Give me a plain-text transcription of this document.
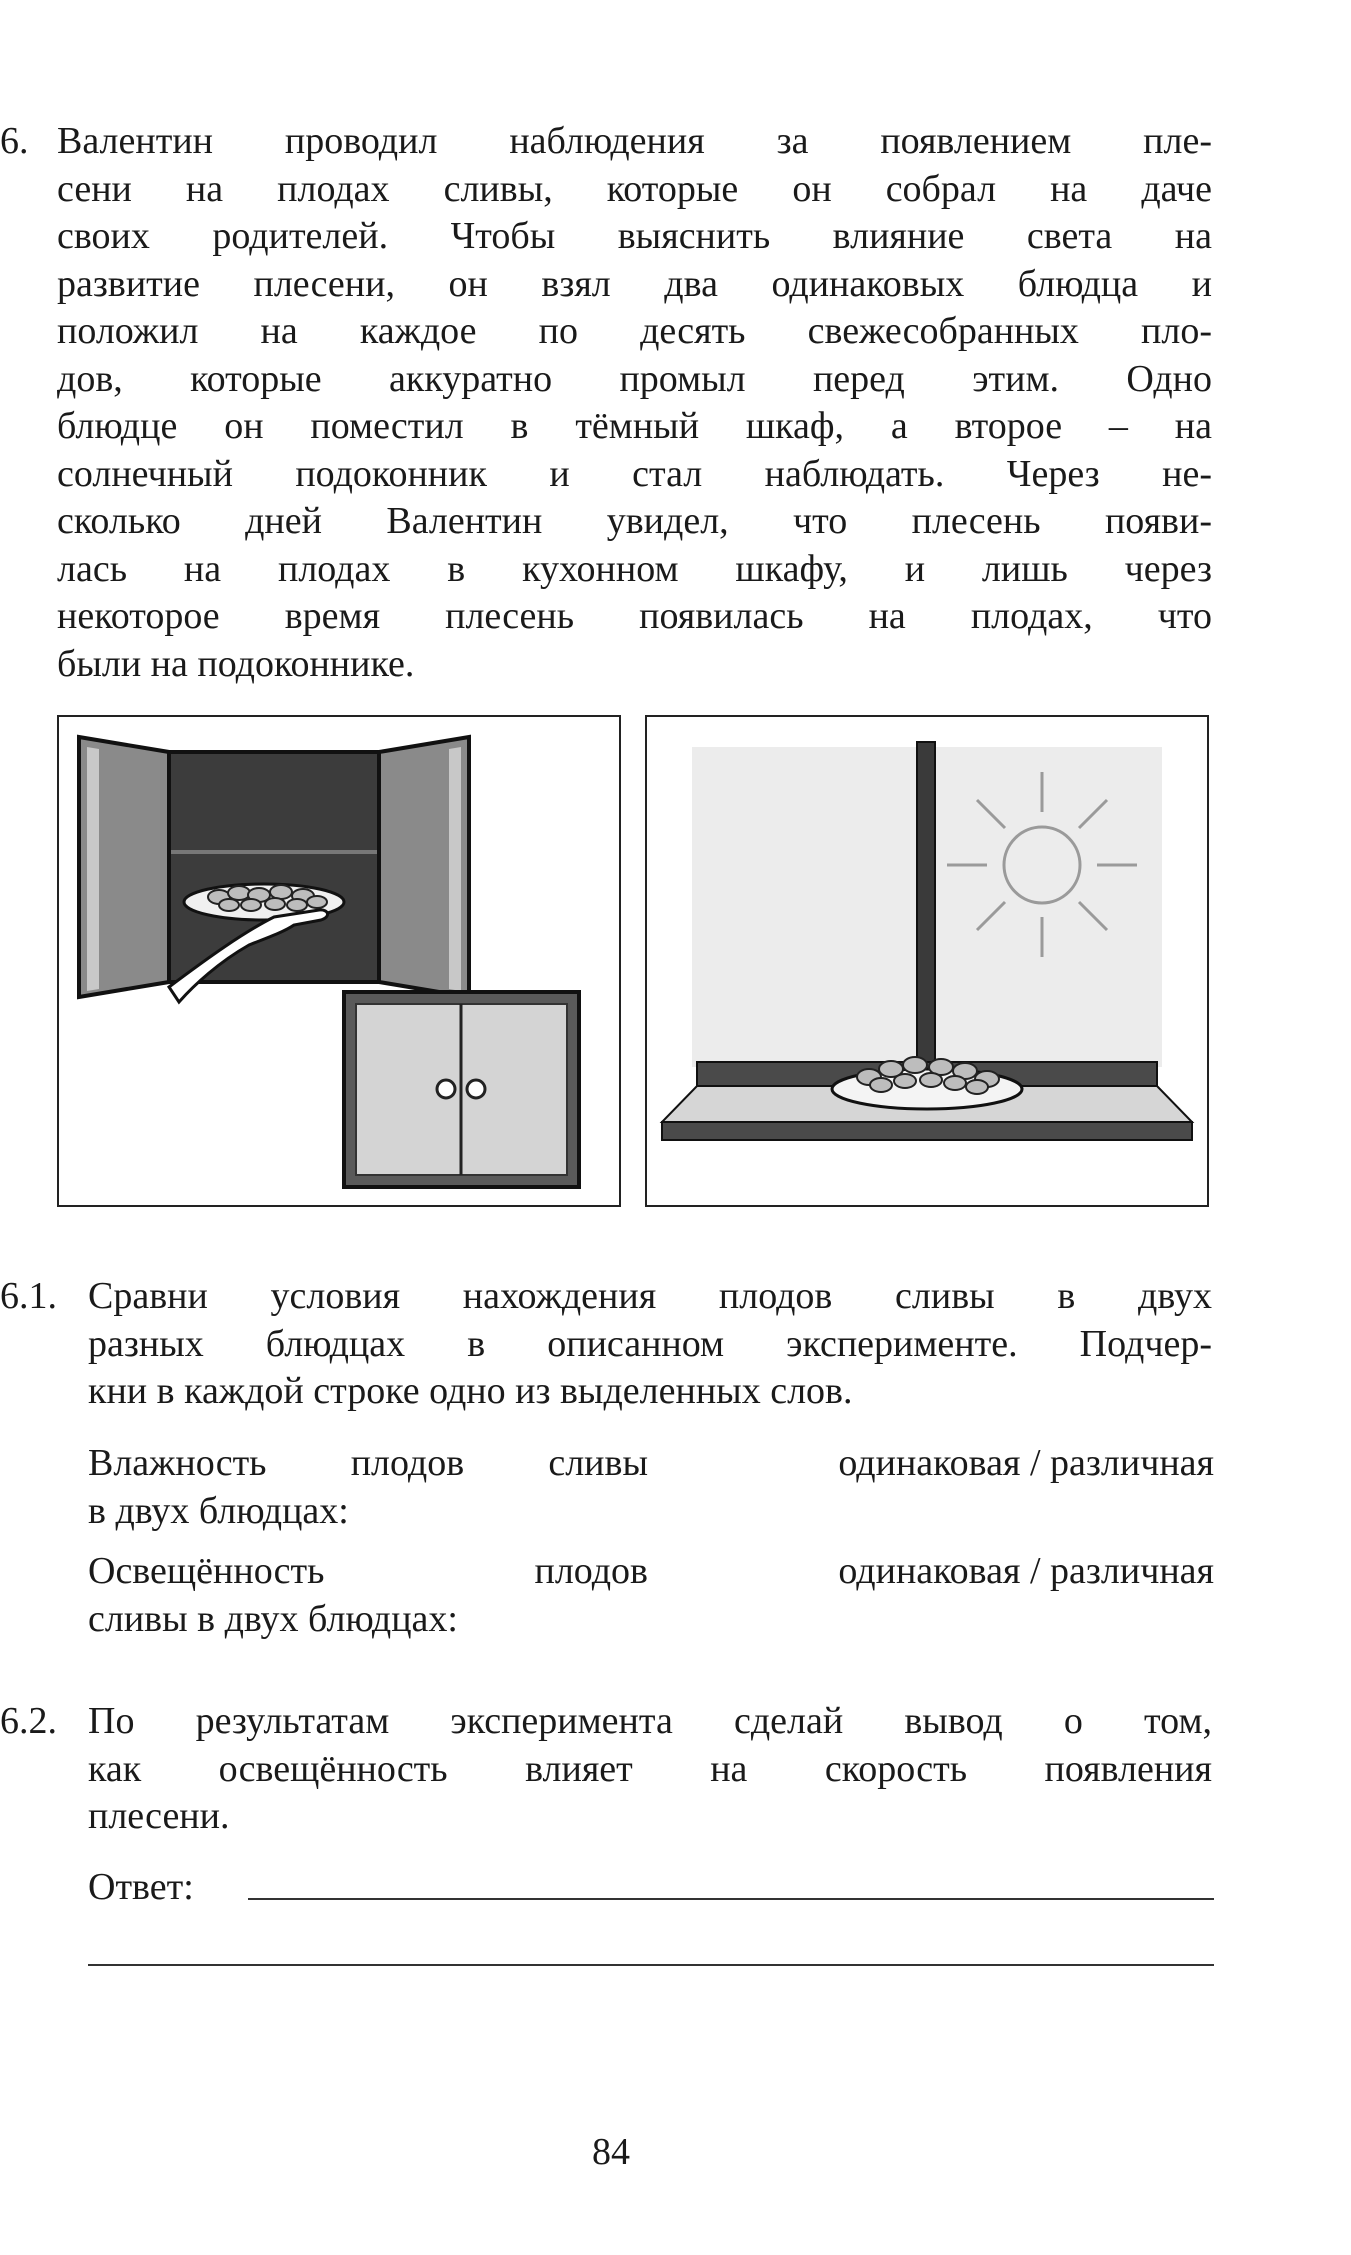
6. Валентин проводил наблюдения за появлением пле-
сени на плодах сливы, которые он собрал на даче
своих родителей. Чтобы выяснить влияние света на
развитие плесени, он взял два одинаковых блюдца и
положил на каждое по десять свежесобранных пло-
дов, которые аккуратно промыл перед этим. Одно
блюдце он поместил в тёмный шкаф, а второе – на
солнечный подоконник и стал наблюдать. Через не-
сколько дней Валентин увидел, что плесень появи-
лась на плодах в кухонном шкафу, и лишь через
некоторое время плесень появилась на плодах, что
были на подоконнике.
6.1. Сравни условия нахождения плодов сливы в двух
разных блюдцах в описанном эксперименте. Подчер-
кни в каждой строке одно из выделенных слов.
Влажность плодов сливы
в двух блюдцах:
одинаковая / различная
Освещённость плодов
сливы в двух блюдцах:
одинаковая / различная
6.2. По результатам эксперимента сделай вывод о том,
как освещённость влияет на скорость появления
плесени.
Ответ:
84
